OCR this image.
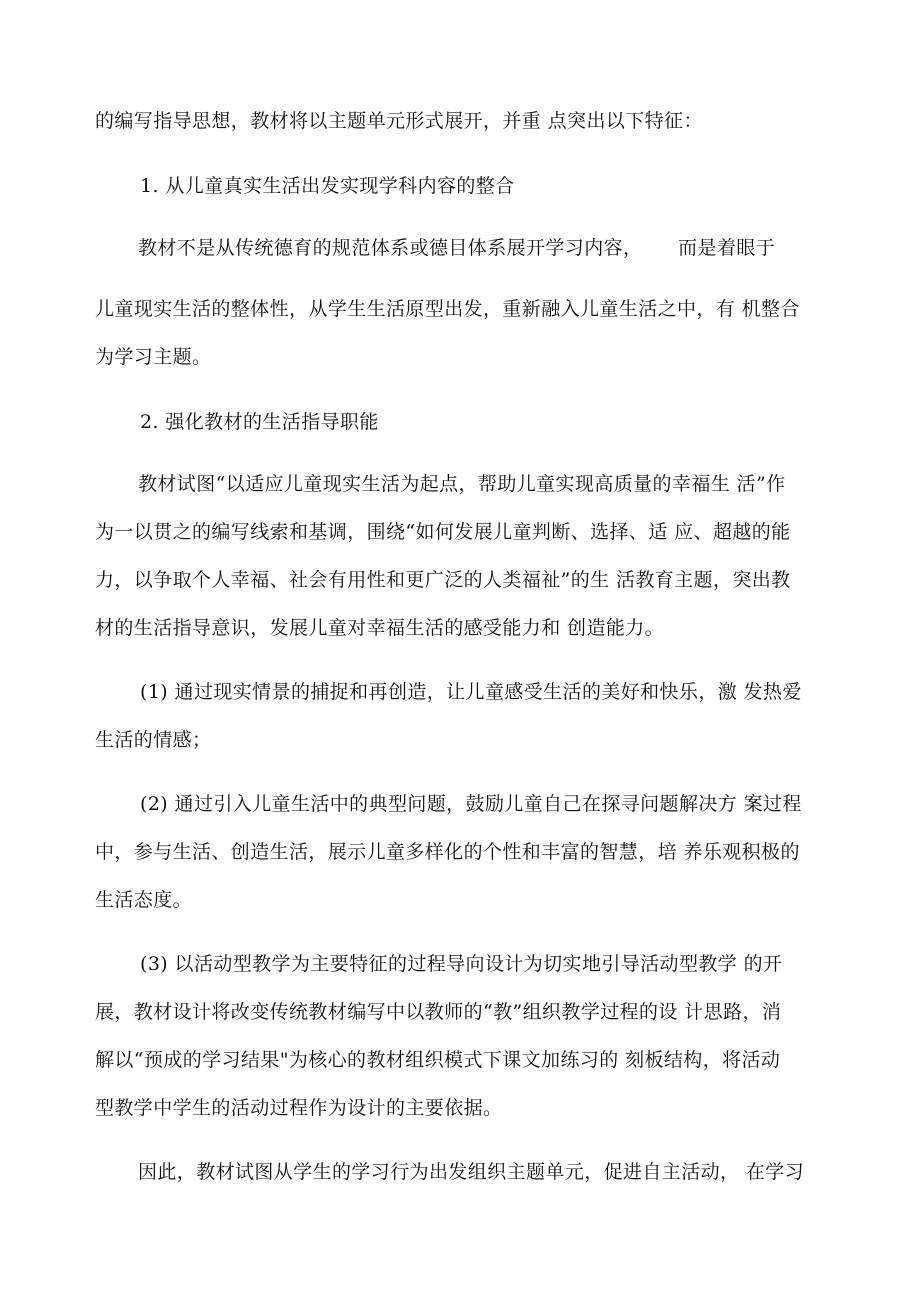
的编写指导思想，教材将以主题单元形式展开，并重 点突出以下特征：
1. 从儿童真实生活出发实现学科内容的整合
教材不是从传统德育的规范体系或德目体系展开学习内容，　　 而是着眼于
儿童现实生活的整体性，从学生生活原型出发，重新融入儿童生活之中，有 机整合
为学习主题。
2. 强化教材的生活指导职能
教材试图“以适应儿童现实生活为起点，帮助儿童实现高质量的幸福生 活”作
为一以贯之的编写线索和基调，围绕“如何发展儿童判断、选择、适 应、超越的能
力，以争取个人幸福、社会有用性和更广泛的人类福祉”的生 活教育主题，突出教
材的生活指导意识，发展儿童对幸福生活的感受能力和 创造能力。
(1) 通过现实情景的捕捉和再创造，让儿童感受生活的美好和快乐，激 发热爱
生活的情感；
(2) 通过引入儿童生活中的典型问题，鼓励儿童自己在探寻问题解决方 案过程
中，参与生活、创造生活，展示儿童多样化的个性和丰富的智慧，培 养乐观积极的
生活态度。
(3) 以活动型教学为主要特征的过程导向设计为切实地引导活动型教学 的开
展，教材设计将改变传统教材编写中以教师的“教”组织教学过程的设 计思路，消
解以“预成的学习结果"为核心的教材组织模式下课文加练习的 刻板结构，将活动
型教学中学生的活动过程作为设计的主要依据。
因此，教材试图从学生的学习行为出发组织主题单元，促进自主活动， 在学习
